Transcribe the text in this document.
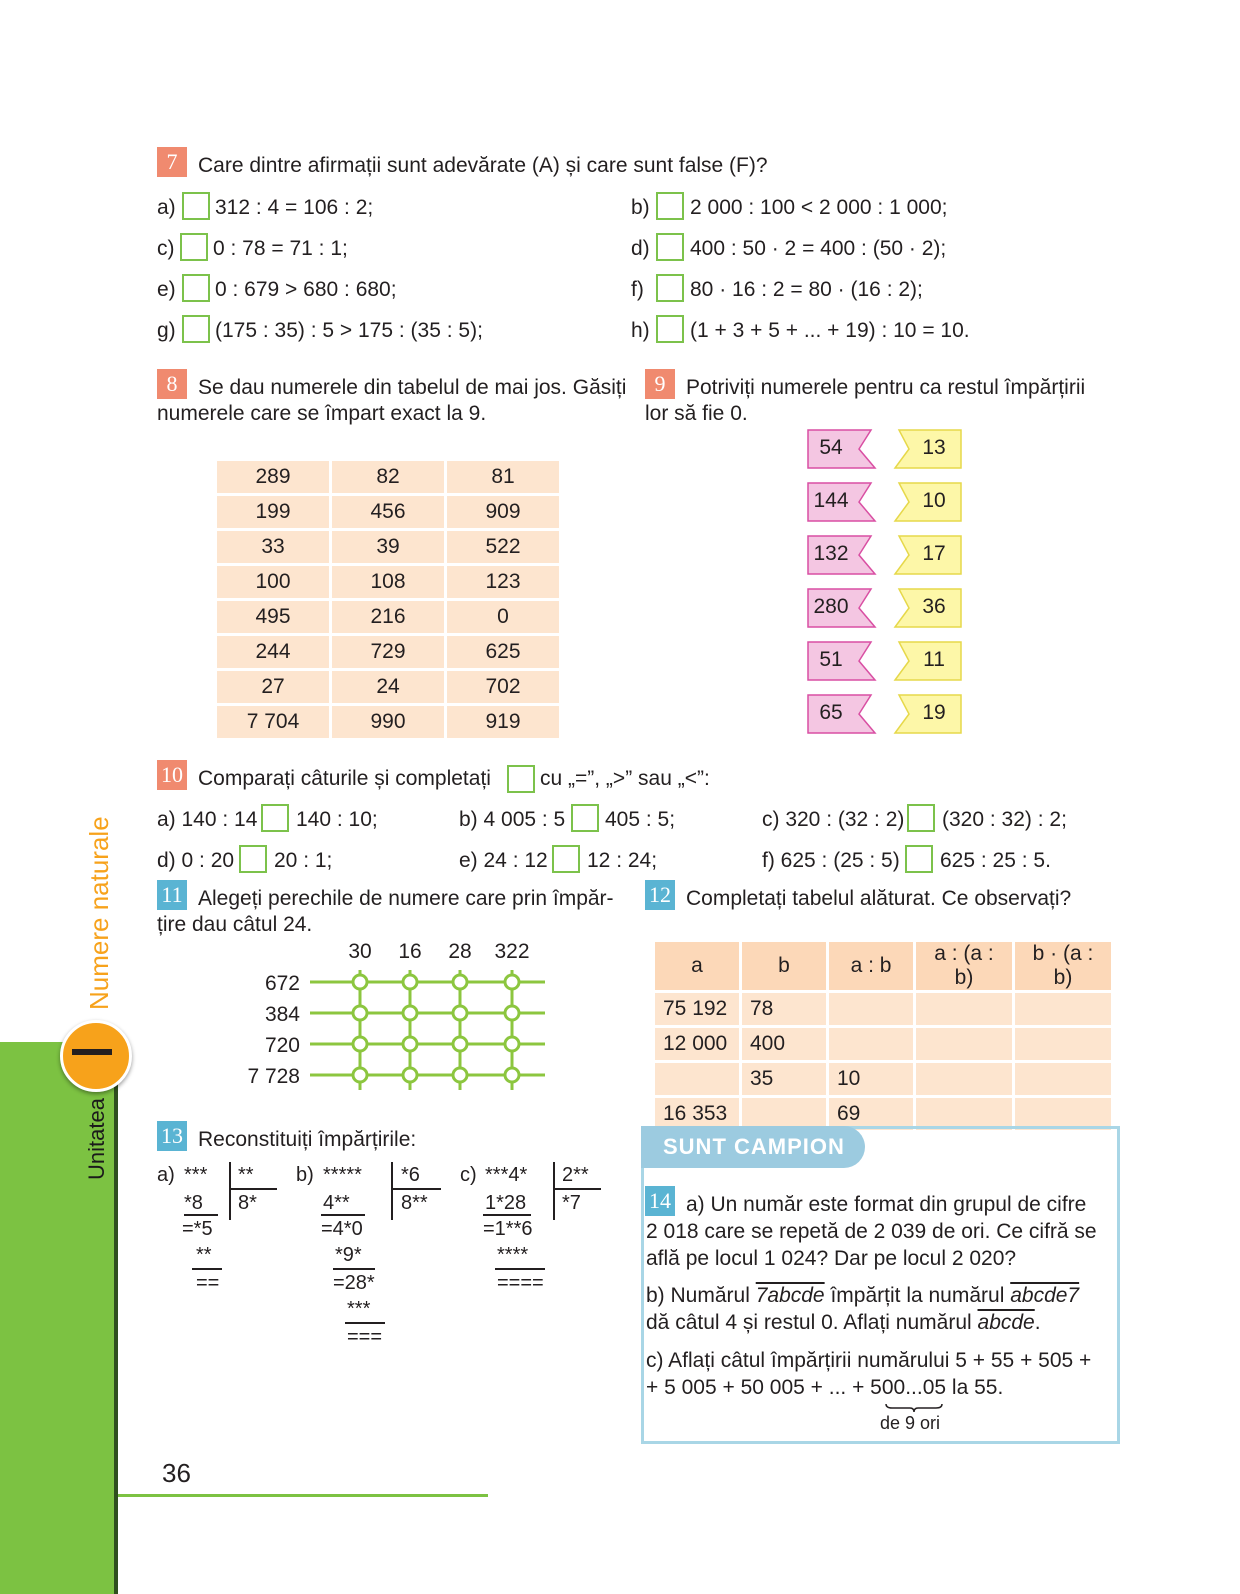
Unitatea
Numere naturale
36
7 Care dintre afirmații sunt adevărate (A) și care sunt false (F)?
a) 312 : 4 = 106 : 2;	b) 2 000 : 100 < 2 000 : 1 000;
c) 0 : 78 = 71 : 1;	d) 400 : 50 · 2 = 400 : (50 · 2);
e) 0 : 679 > 680 : 680;	f) 80 · 16 : 2 = 80 · (16 : 2);
g) (175 : 35) : 5 > 175 : (35 : 5);	h) (1 + 3 + 5 + ... + 19) : 10 = 10.
8 Se dau numerele din tabelul de mai jos. Găsiți
numerele care se împart exact la 9.
289	82	81
199	456	909
33	39	522
100	108	123
495	216	0
244	729	625
27	24	702
7 704	990	919
9 Potriviți numerele pentru ca restul împărțirii
lor să fie 0.
54	13
144	10
132	17
280	36
51	11
65	19
10 Comparați câturile și completați cu „=”, „>” sau „<”:
a) 140 : 14 140 : 10;	b) 4 005 : 5 405 : 5;	c) 320 : (32 : 2) (320 : 32) : 2;
d) 0 : 20 20 : 1;	e) 24 : 12 12 : 24;	f) 625 : (25 : 5) 625 : 25 : 5.
11 Alegeți perechile de numere care prin împăr-
țire dau câtul 24.
30 16 28 322
672
384
720
7 728
12 Completați tabelul alăturat. Ce observați?
a	b	a : b	a : (a : b)	b · (a : b)
75 192	78			
12 000	400			
	35	10		
16 353		69		
13 Reconstituiți împărțirile:
a) *** **
8*
*8
=*5
**
==
b) ***** *6
8**
4**
=4*0
*9*
=28*
***
===
c) ***4* 2**
*7
1*28
=1**6
****
====
SUNT CAMPION
14 a) Un număr este format din grupul de cifre
2 018 care se repetă de 2 039 de ori. Ce cifră se
află pe locul 1 024? Dar pe locul 2 020?
b) Numărul 7abcde împărțit la numărul abcde7
dă câtul 4 și restul 0. Aflați numărul abcde.
c) Aflați câtul împărțirii numărului 5 + 55 + 505 +
+ 5 005 + 50 005 + ... + 500...05 la 55.
de 9 ori
